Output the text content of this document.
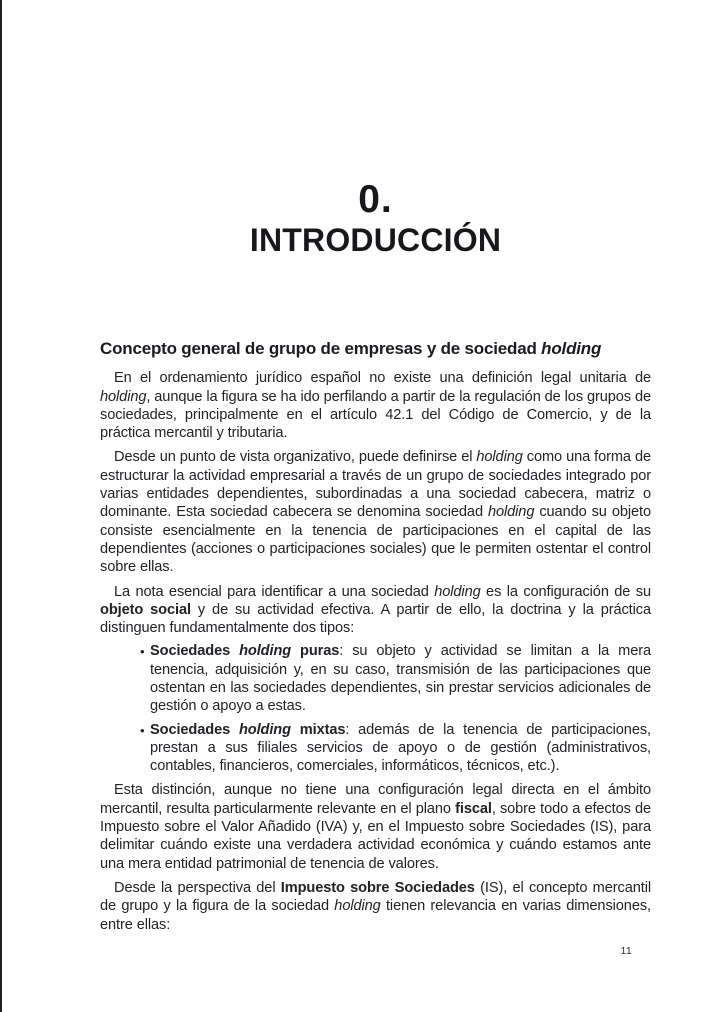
0.
INTRODUCCIÓN
Concepto general de grupo de empresas y de sociedad holding

En el ordenamiento jurídico español no existe una definición legal unitaria de holding, aunque la figura se ha ido perfilando a partir de la regulación de los grupos de sociedades, principalmente en el artículo 42.1 del Código de Comercio, y de la práctica mercantil y tributaria.

Desde un punto de vista organizativo, puede definirse el holding como una forma de estructurar la actividad empresarial a través de un grupo de sociedades integrado por varias entidades dependientes, subordinadas a una sociedad cabecera, matriz o dominante. Esta sociedad cabecera se denomina sociedad holding cuando su objeto consiste esencialmente en la tenencia de participaciones en el capital de las dependientes (acciones o participaciones sociales) que le permiten ostentar el control sobre ellas.

La nota esencial para identificar a una sociedad holding es la configuración de su objeto social y de su actividad efectiva. A partir de ello, la doctrina y la práctica distinguen fundamentalmente dos tipos:

• Sociedades holding puras: su objeto y actividad se limitan a la mera tenencia, adquisición y, en su caso, transmisión de las participaciones que ostentan en las sociedades dependientes, sin prestar servicios adicionales de gestión o apoyo a estas.
• Sociedades holding mixtas: además de la tenencia de participaciones, prestan a sus filiales servicios de apoyo o de gestión (administrativos, contables, financieros, comerciales, informáticos, técnicos, etc.).

Esta distinción, aunque no tiene una configuración legal directa en el ámbito mercantil, resulta particularmente relevante en el plano fiscal, sobre todo a efectos de Impuesto sobre el Valor Añadido (IVA) y, en el Impuesto sobre Sociedades (IS), para delimitar cuándo existe una verdadera actividad económica y cuándo estamos ante una mera entidad patrimonial de tenencia de valores.

Desde la perspectiva del Impuesto sobre Sociedades (IS), el concepto mercantil de grupo y la figura de la sociedad holding tienen relevancia en varias dimensiones, entre ellas:

11
